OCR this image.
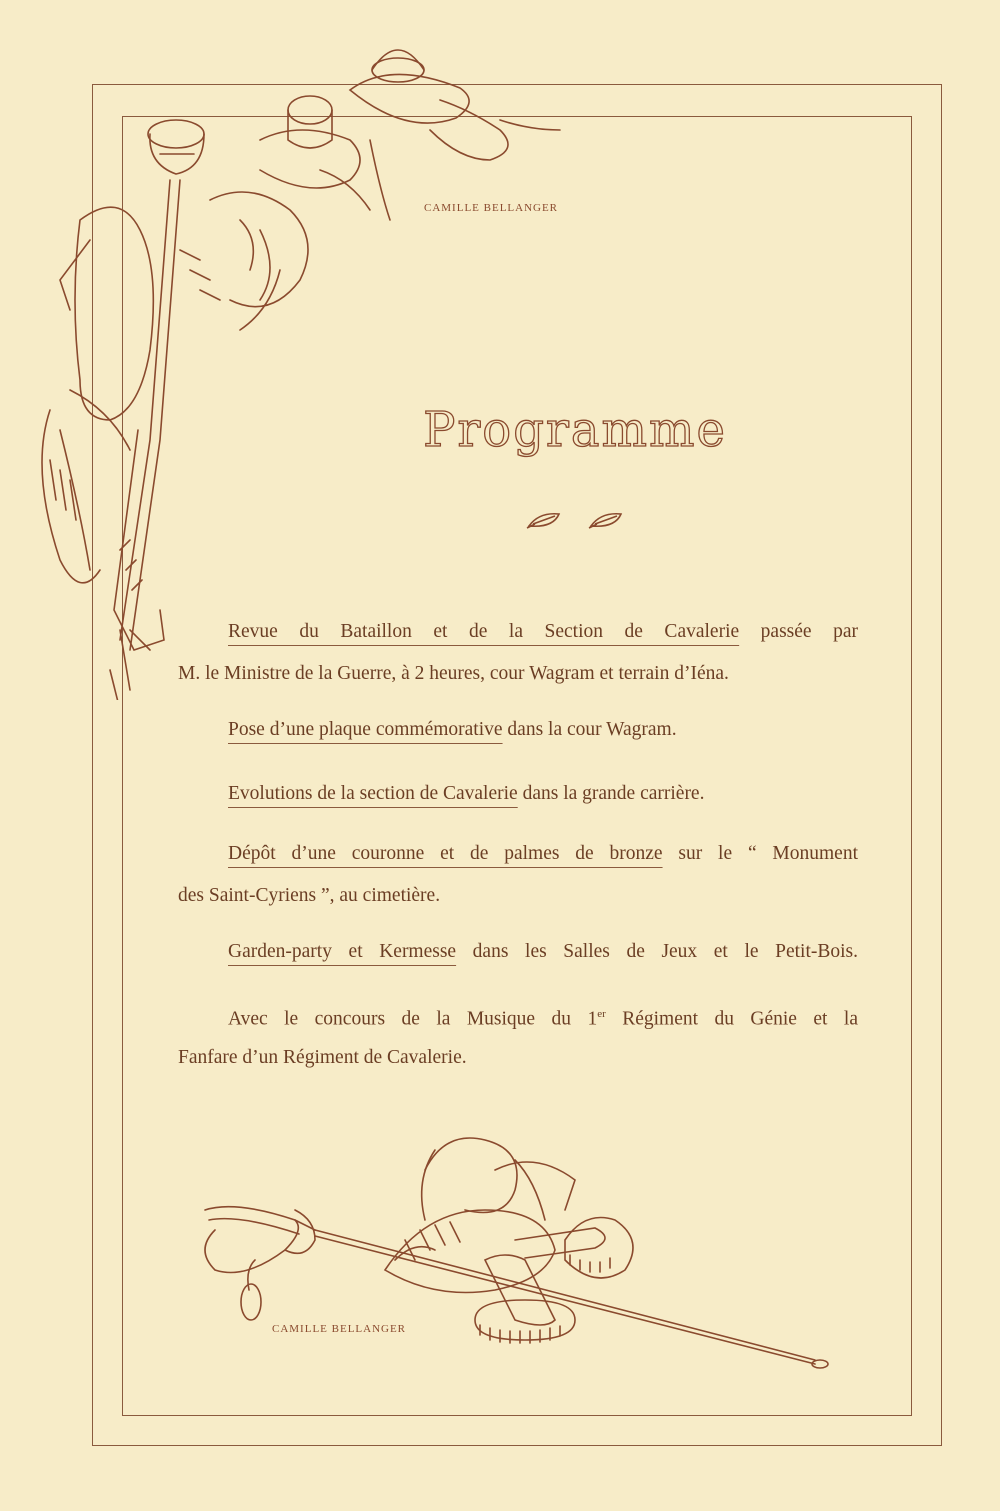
CAMILLE BELLANGER
Programme

Revue du Bataillon et de la Section de Cavalerie passée par

M. le Ministre de la Guerre, à 2 heures, cour Wagram et terrain d’Iéna.

Pose d’une plaque commémorative dans la cour Wagram.

Evolutions de la section de Cavalerie dans la grande carrière.

Dépôt d’une couronne et de palmes de bronze sur le “ Monument

des Saint-Cyriens ”, au cimetière.

Garden-party et Kermesse dans les Salles de Jeux et le Petit-Bois.

Avec le concours de la Musique du 1er Régiment du Génie et la

Fanfare d’un Régiment de Cavalerie.

CAMILLE BELLANGER
